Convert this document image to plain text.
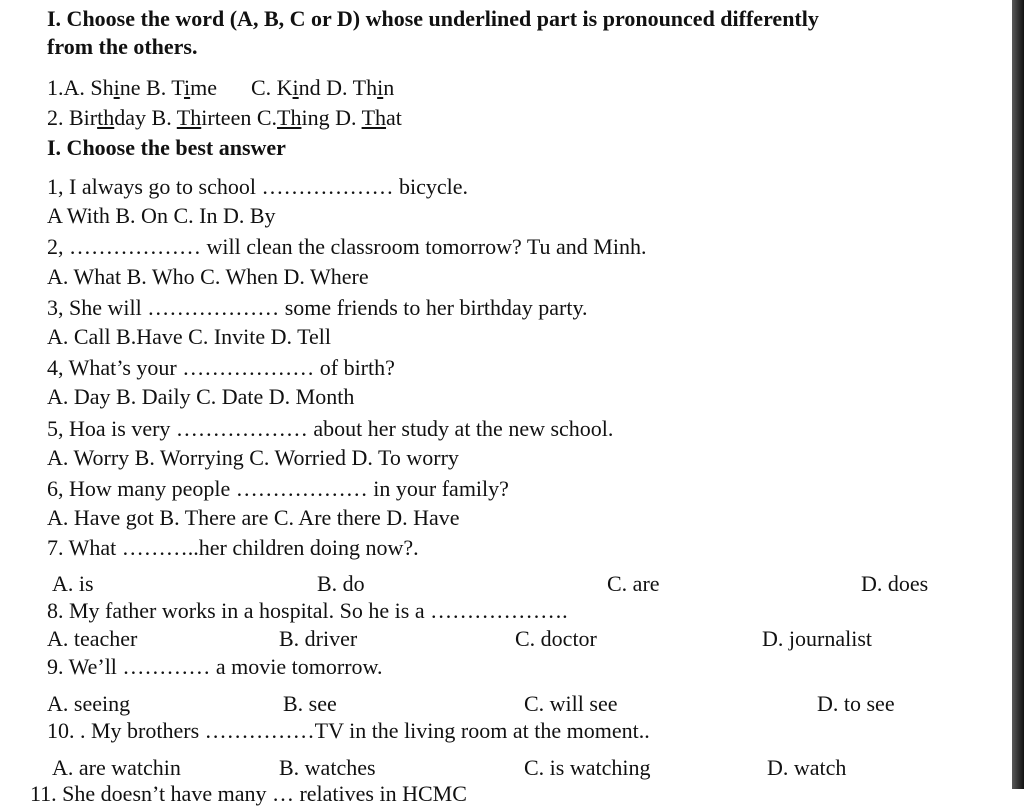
I. Choose the word (A, B, C or D) whose underlined part is pronounced differently
from the others.
1.A. Shine B. Time C. Kind D. Thin
2. Birthday B. Thirteen C.Thing D. That
I. Choose the best answer
1, I always go to school ……………… bicycle.
A With B. On C. In D. By
2, ……………… will clean the classroom tomorrow? Tu and Minh.
A. What B. Who C. When D. Where
3, She will ……………… some friends to her birthday party.
A. Call B.Have C. Invite D. Tell
4, What’s your ……………… of birth?
A. Day B. Daily C. Date D. Month
5, Hoa is very ……………… about her study at the new school.
A. Worry B. Worrying C. Worried D. To worry
6, How many people ……………… in your family?
A. Have got B. There are C. Are there D. Have
7. What ………..her children doing now?.
A. is	B. do	C. are	D. does
8. My father works in a hospital. So he is a ……………….
A. teacher	B. driver	C. doctor	D. journalist
9. We’ll ………… a movie tomorrow.
A. seeing	B. see	C. will see	D. to see
10. . My brothers ……………TV in the living room at the moment..
A. are watchin	B. watches	C. is watching	D. watch
11. She doesn’t have many … relatives in HCMC
